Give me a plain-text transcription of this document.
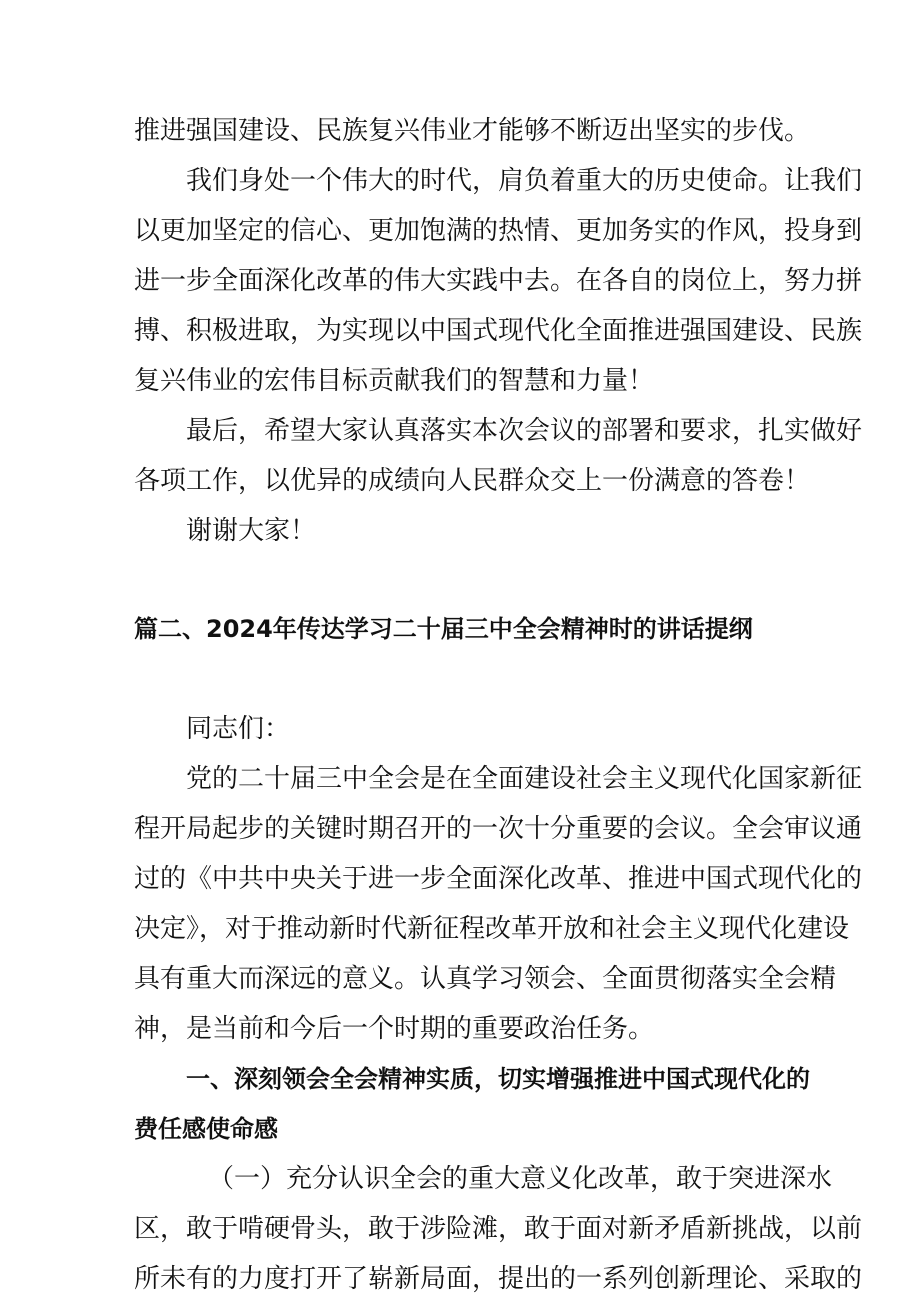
推进强国建设、民族复兴伟业才能够不断迈出坚实的步伐。
我们身处一个伟大的时代，肩负着重大的历史使命。让我们
以更加坚定的信心、更加饱满的热情、更加务实的作风，投身到
进一步全面深化改革的伟大实践中去。在各自的岗位上，努力拼
搏、积极进取，为实现以中国式现代化全面推进强国建设、民族
复兴伟业的宏伟目标贡献我们的智慧和力量！
最后，希望大家认真落实本次会议的部署和要求，扎实做好
各项工作，以优异的成绩向人民群众交上一份满意的答卷！
谢谢大家！
篇二、2024年传达学习二十届三中全会精神时的讲话提纲
同志们：
党的二十届三中全会是在全面建设社会主义现代化国家新征
程开局起步的关键时期召开的一次十分重要的会议。全会审议通
过的《中共中央关于进一步全面深化改革、推进中国式现代化的
决定》，对于推动新时代新征程改革开放和社会主义现代化建设
具有重大而深远的意义。认真学习领会、全面贯彻落实全会精
神，是当前和今后一个时期的重要政治任务。
一、深刻领会全会精神实质，切实增强推进中国式现代化的
费任感使命感
（一）充分认识全会的重大意义化改革，敢于突进深水
区，敢于啃硬骨头，敢于涉险滩，敢于面对新矛盾新挑战，以前
所未有的力度打开了崭新局面，提出的一系列创新理论、采取的
